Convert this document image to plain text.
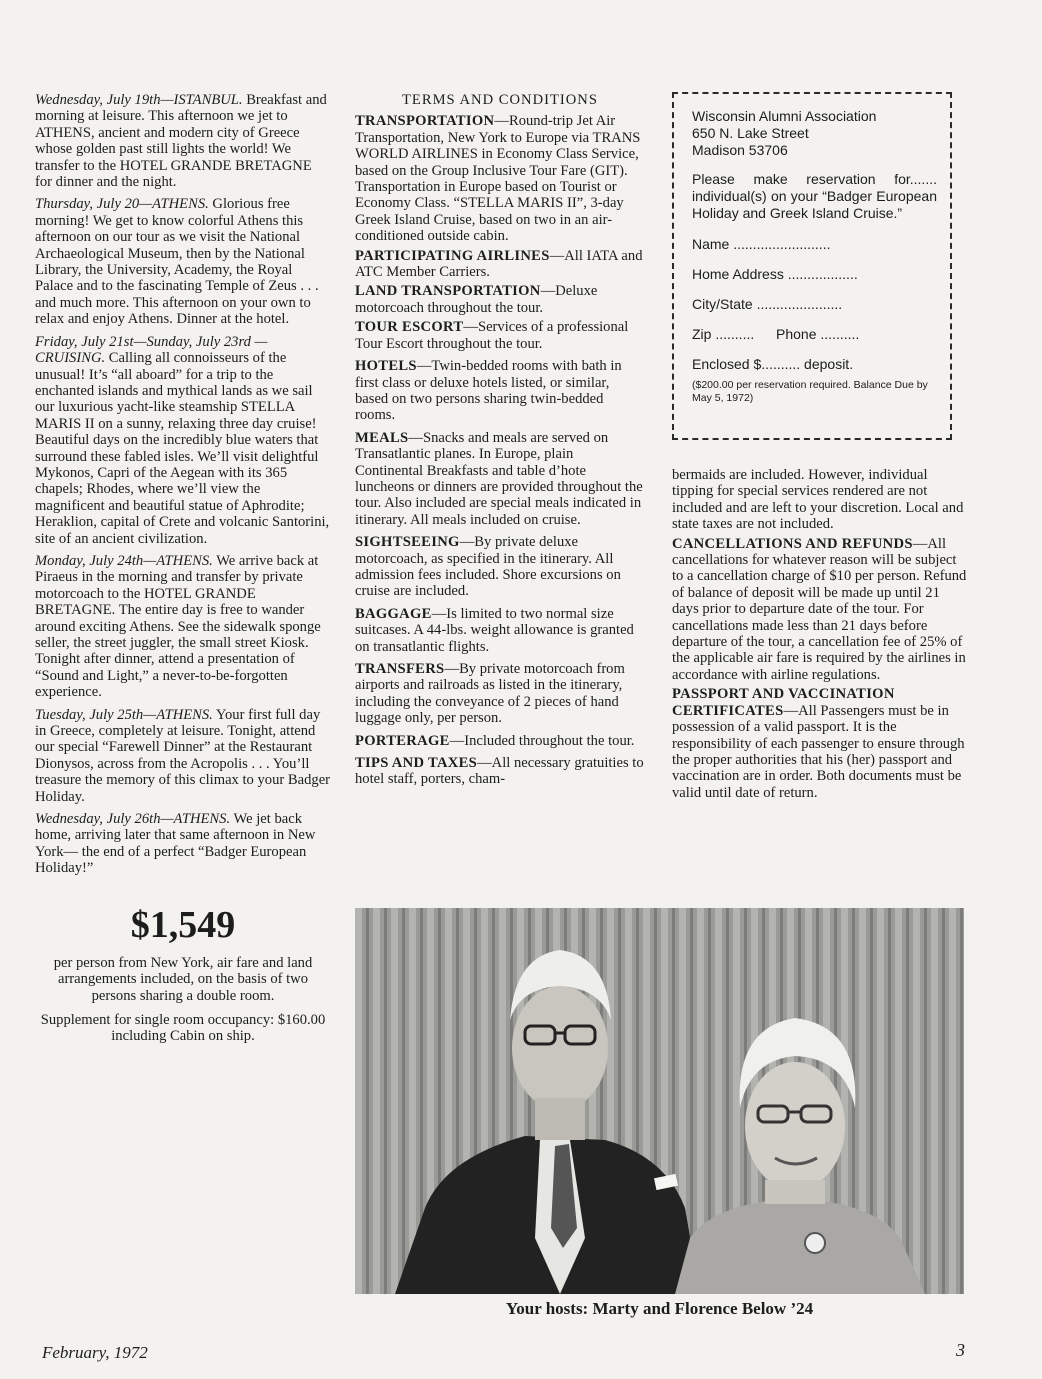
Wednesday, July 19th—ISTANBUL. Breakfast and morning at leisure. This afternoon we jet to ATHENS, ancient and modern city of Greece whose golden past still lights the world! We transfer to the HOTEL GRANDE BRETAGNE for dinner and the night.

Thursday, July 20—ATHENS. Glorious free morning! We get to know colorful Athens this afternoon on our tour as we visit the National Archaeological Museum, then by the National Library, the University, Academy, the Royal Palace and to the fascinating Temple of Zeus . . . and much more. This afternoon on your own to relax and enjoy Athens. Dinner at the hotel.

Friday, July 21st—Sunday, July 23rd —CRUISING. Calling all connoisseurs of the unusual! It’s “all aboard” for a trip to the enchanted islands and mythical lands as we sail our luxurious yacht-like steamship STELLA MARIS II on a sunny, relaxing three day cruise! Beautiful days on the incredibly blue waters that surround these fabled isles. We’ll visit delightful Mykonos, Capri of the Aegean with its 365 chapels; Rhodes, where we’ll view the magnificent and beautiful statue of Aphrodite; Heraklion, capital of Crete and volcanic Santorini, site of an ancient civilization.

Monday, July 24th—ATHENS. We arrive back at Piraeus in the morning and transfer by private motorcoach to the HOTEL GRANDE BRETAGNE. The entire day is free to wander around exciting Athens. See the sidewalk sponge seller, the street juggler, the small street Kiosk. Tonight after dinner, attend a presentation of “Sound and Light,” a never-to-be-forgotten experience.

Tuesday, July 25th—ATHENS. Your first full day in Greece, completely at leisure. Tonight, attend our special “Farewell Dinner” at the Restaurant Dionysos, across from the Acropolis . . . You’ll treasure the memory of this climax to your Badger Holiday.

Wednesday, July 26th—ATHENS. We jet back home, arriving later that same afternoon in New York— the end of a perfect “Badger European Holiday!”

$1,549

per person from New York, air fare and land arrangements included, on the basis of two persons sharing a double room.

Supplement for single room occupancy: $160.00 including Cabin on ship.

TERMS AND CONDITIONS

TRANSPORTATION—Round-trip Jet Air Transportation, New York to Europe via TRANS WORLD AIRLINES in Economy Class Service, based on the Group Inclusive Tour Fare (GIT). Transportation in Europe based on Tourist or Economy Class. “STELLA MARIS II”, 3-day Greek Island Cruise, based on two in an air-conditioned outside cabin.

PARTICIPATING AIRLINES—All IATA and ATC Member Carriers.

LAND TRANSPORTATION—Deluxe motorcoach throughout the tour.

TOUR ESCORT—Services of a professional Tour Escort throughout the tour.

HOTELS—Twin-bedded rooms with bath in first class or deluxe hotels listed, or similar, based on two persons sharing twin-bedded rooms.

MEALS—Snacks and meals are served on Transatlantic planes. In Europe, plain Continental Breakfasts and table d’hote luncheons or dinners are provided throughout the tour. Also included are special meals indicated in itinerary. All meals included on cruise.

SIGHTSEEING—By private deluxe motorcoach, as specified in the itinerary. All admission fees included. Shore excursions on cruise are included.

BAGGAGE—Is limited to two normal size suitcases. A 44-lbs. weight allowance is granted on transatlantic flights.

TRANSFERS—By private motorcoach from airports and railroads as listed in the itinerary, including the conveyance of 2 pieces of hand luggage only, per person.

PORTERAGE—Included throughout the tour.

TIPS AND TAXES—All necessary gratuities to hotel staff, porters, cham-

Wisconsin Alumni Association
650 N. Lake Street
Madison 53706
Please make reservation for....... individual(s) on your “Badger European Holiday and Greek Island Cruise.”
Name .........................
Home Address ..................
City/State ......................
Zip .......... Phone ..........
Enclosed $.......... deposit.
($200.00 per reservation required. Balance Due by May 5, 1972)

bermaids are included. However, individual tipping for special services rendered are not included and are left to your discretion. Local and state taxes are not included.

CANCELLATIONS AND REFUNDS—All cancellations for whatever reason will be subject to a cancellation charge of $10 per person. Refund of balance of deposit will be made up until 21 days prior to departure date of the tour. For cancellations made less than 21 days before departure of the tour, a cancellation fee of 25% of the applicable air fare is required by the airlines in accordance with airline regulations.

PASSPORT AND VACCINATION CERTIFICATES—All Passengers must be in possession of a valid passport. It is the responsibility of each passenger to ensure through the proper authorities that his (her) passport and vaccination are in order. Both documents must be valid until date of return.

Your hosts: Marty and Florence Below ’24
February, 1972	3
